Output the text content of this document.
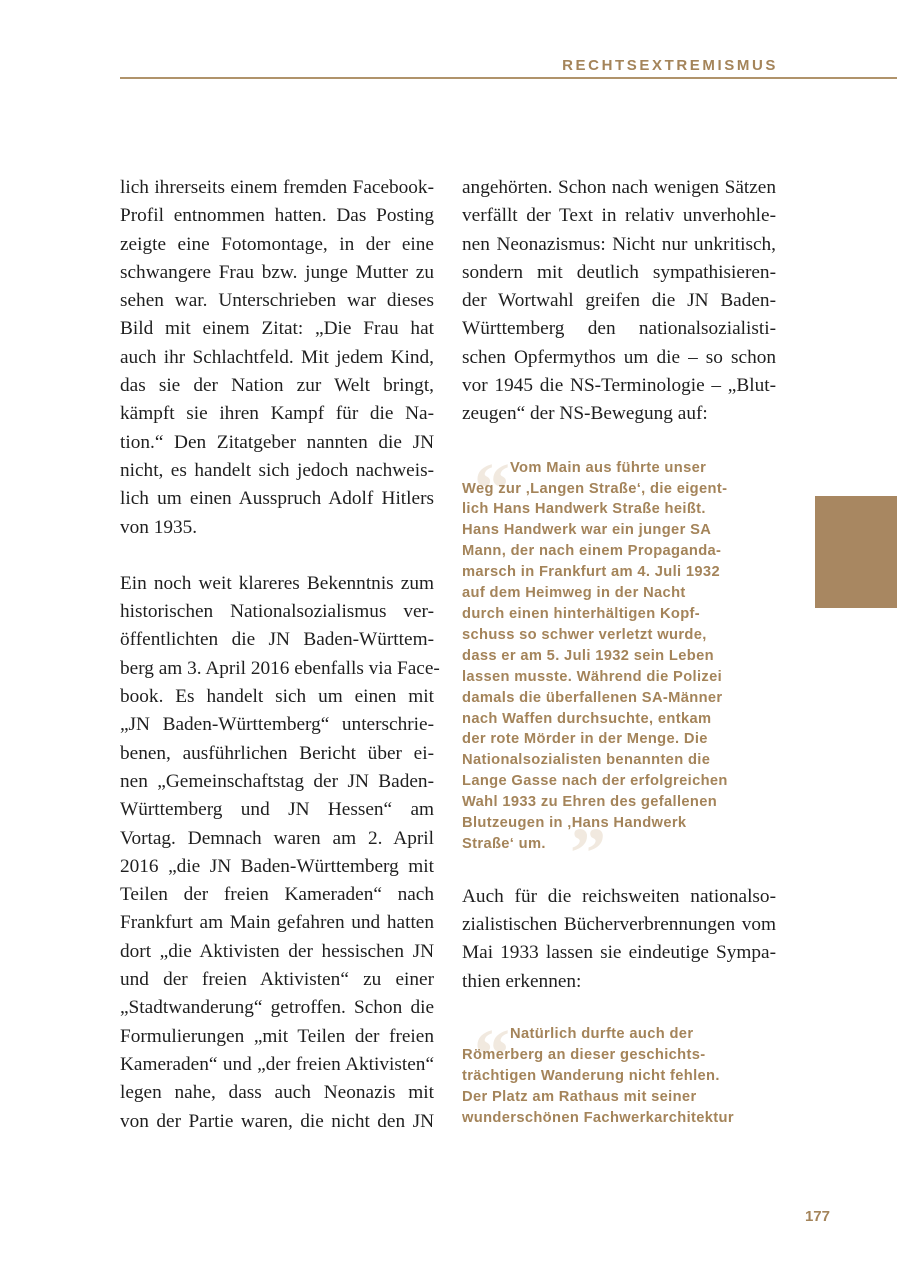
RECHTSEXTREMISMUS

lich ihrerseits einem fremden Facebook-
Profil entnommen hatten. Das Posting
zeigte eine Fotomontage, in der eine
schwangere Frau bzw. junge Mutter zu
sehen war. Unterschrieben war dieses
Bild mit einem Zitat: „Die Frau hat
auch ihr Schlachtfeld. Mit jedem Kind,
das sie der Nation zur Welt bringt,
kämpft sie ihren Kampf für die Na-
tion.“ Den Zitatgeber nannten die JN
nicht, es handelt sich jedoch nachweis-
lich um einen Ausspruch Adolf Hitlers
von 1935.

Ein noch weit klareres Bekenntnis zum
historischen Nationalsozialismus ver-
öffentlichten die JN Baden-Württem-
berg am 3. April 2016 ebenfalls via Face-
book. Es handelt sich um einen mit
„JN Baden-Württemberg“ unterschrie-
benen, ausführlichen Bericht über ei-
nen „Gemeinschaftstag der JN Baden-
Württemberg und JN Hessen“ am
Vortag. Demnach waren am 2. April
2016 „die JN Baden-Württemberg mit
Teilen der freien Kameraden“ nach
Frankfurt am Main gefahren und hatten
dort „die Aktivisten der hessischen JN
und der freien Aktivisten“ zu einer
„Stadtwanderung“ getroffen. Schon die
Formulierungen „mit Teilen der freien
Kameraden“ und „der freien Aktivisten“
legen nahe, dass auch Neonazis mit
von der Partie waren, die nicht den JN

angehörten. Schon nach wenigen Sätzen
verfällt der Text in relativ unverhohle-
nen Neonazismus: Nicht nur unkritisch,
sondern mit deutlich sympathisieren-
der Wortwahl greifen die JN Baden-
Württemberg den nationalsozialisti-
schen Opfermythos um die – so schon
vor 1945 die NS-Terminologie – „Blut-
zeugen“ der NS-Bewegung auf:

“
”
Vom Main aus führte unser
Weg zur ‚Langen Straße‘, die eigent-
lich Hans Handwerk Straße heißt.
Hans Handwerk war ein junger SA
Mann, der nach einem Propaganda-
marsch in Frankfurt am 4. Juli 1932
auf dem Heimweg in der Nacht
durch einen hinterhältigen Kopf-
schuss so schwer verletzt wurde,
dass er am 5. Juli 1932 sein Leben
lassen musste. Während die Polizei
damals die überfallenen SA-Männer
nach Waffen durchsuchte, entkam
der rote Mörder in der Menge. Die
Nationalsozialisten benannten die
Lange Gasse nach der erfolgreichen
Wahl 1933 zu Ehren des gefallenen
Blutzeugen in ‚Hans Handwerk
Straße‘ um.

Auch für die reichsweiten nationalso-
zialistischen Bücherverbrennungen vom
Mai 1933 lassen sie eindeutige Sympa-
thien erkennen:

“ Natürlich durfte auch der
Römerberg an dieser geschichts-
trächtigen Wanderung nicht fehlen.
Der Platz am Rathaus mit seiner
wunderschönen Fachwerkarchitektur
177
